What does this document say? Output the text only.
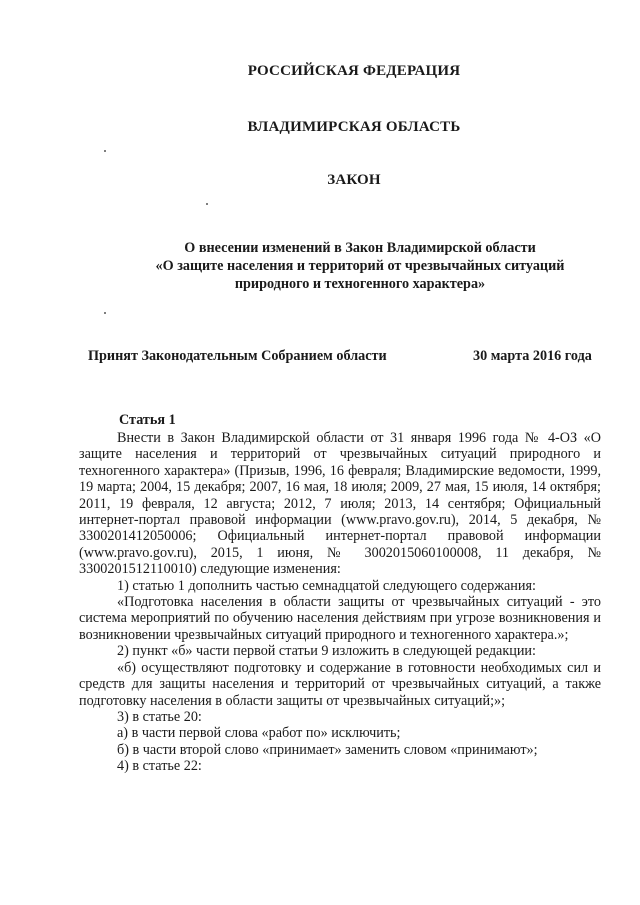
РОССИЙСКАЯ ФЕДЕРАЦИЯ
ВЛАДИМИРСКАЯ ОБЛАСТЬ
ЗАКОН
О внесении изменений в Закон Владимирской области
«О защите населения и территорий от чрезвычайных ситуаций
природного и техногенного характера»
Принят Законодательным Собранием области	30 марта 2016 года
Статья 1

Внести в Закон Владимирской области от 31 января 1996 года № 4-ОЗ «О защите населения и территорий от чрезвычайных ситуаций природного и техногенного характера» (Призыв, 1996, 16 февраля; Владимирские ведомости, 1999, 19 марта; 2004, 15 декабря; 2007, 16 мая, 18 июля; 2009, 27 мая, 15 июля, 14 октября; 2011, 19 февраля, 12 августа; 2012, 7 июля; 2013, 14 сентября; Официальный интернет-портал правовой информации (www.pravo.gov.ru), 2014, 5 декабря, № 3300201412050006; Официальный интернет-портал правовой информации (www.pravo.gov.ru), 2015, 1 июня, № 3002015060100008, 11 декабря, № 3300201512110010) следующие изменения:

1) статью 1 дополнить частью семнадцатой следующего содержания:

«Подготовка населения в области защиты от чрезвычайных ситуаций - это система мероприятий по обучению населения действиям при угрозе возникновения и возникновении чрезвычайных ситуаций природного и техногенного характера.»;

2) пункт «б» части первой статьи 9 изложить в следующей редакции:

«б) осуществляют подготовку и содержание в готовности необходимых сил и средств для защиты населения и территорий от чрезвычайных ситуаций, а также подготовку населения в области защиты от чрезвычайных ситуаций;»;

3) в статье 20:

а) в части первой слова «работ по» исключить;

б) в части второй слово «принимает» заменить словом «принимают»;

4) в статье 22:
